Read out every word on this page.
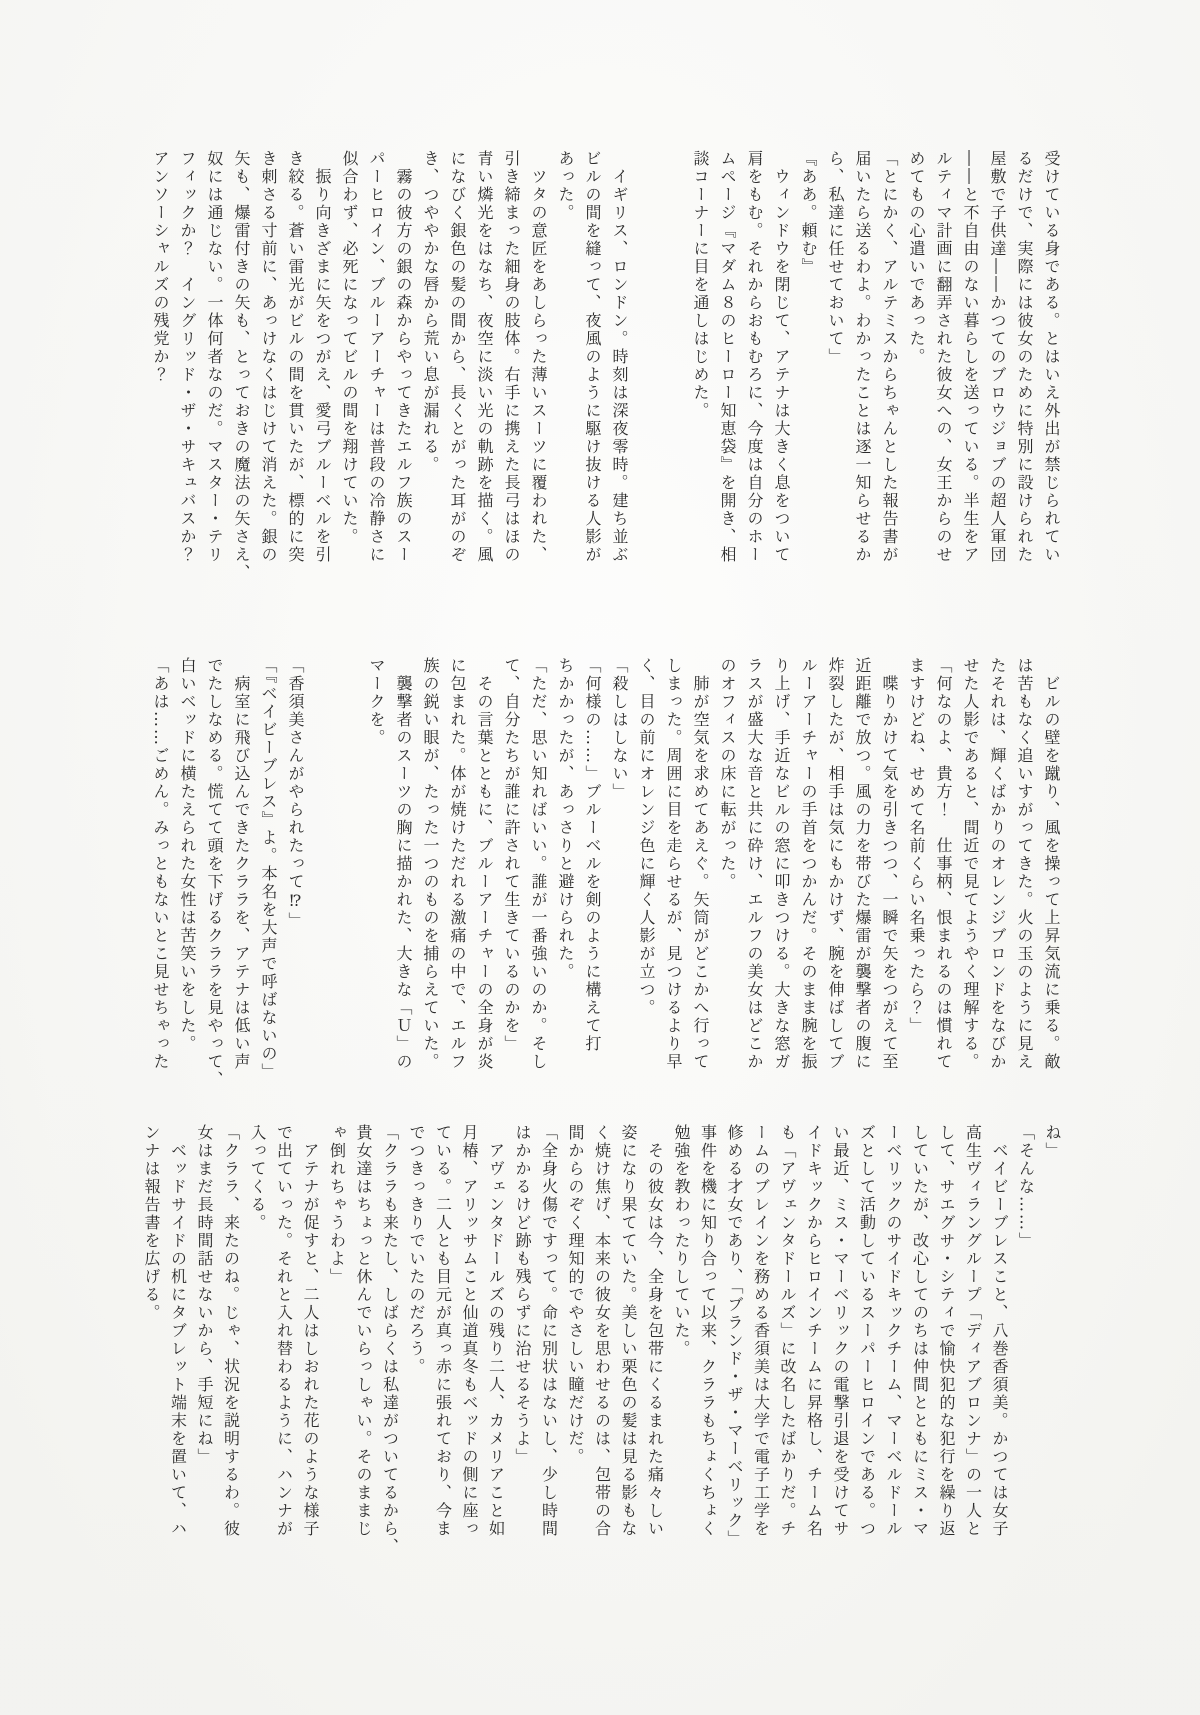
受けている身である。とはいえ外出が禁じられてい
るだけで、実際には彼女のために特別に設けられた
屋敷で子供達――かつてのブロウジョブの超人軍団
――と不自由のない暮らしを送っている。半生をア
ルティマ計画に翻弄された彼女への、女王からのせ
めてもの心遣いであった。
「とにかく、アルテミスからちゃんとした報告書が
届いたら送るわよ。わかったことは逐一知らせるか
ら、私達に任せておいて」
『ああ。頼む』
　ウィンドウを閉じて、アテナは大きく息をついて
肩をもむ。それからおもむろに、今度は自分のホー
ムページ『マダム８のヒーロー知恵袋』を開き、相
談コーナーに目を通しはじめた。

　イギリス、ロンドン。時刻は深夜零時。建ち並ぶ
ビルの間を縫って、夜風のように駆け抜ける人影が
あった。
　ツタの意匠をあしらった薄いスーツに覆われた、
引き締まった細身の肢体。右手に携えた長弓はほの
青い燐光をはなち、夜空に淡い光の軌跡を描く。風
になびく銀色の髪の間から、長くとがった耳がのぞ
き、つややかな唇から荒い息が漏れる。
　霧の彼方の銀の森からやってきたエルフ族のスー
パーヒロイン、ブルーアーチャーは普段の冷静さに
似合わず、必死になってビルの間を翔けていた。
　振り向きざまに矢をつがえ、愛弓ブルーベルを引
き絞る。蒼い雷光がビルの間を貫いたが、標的に突
き刺さる寸前に、あっけなくはじけて消えた。銀の
矢も、爆雷付きの矢も、とっておきの魔法の矢さえ、
奴には通じない。一体何者なのだ。マスター・テリ
フィックか？　イングリッド・ザ・サキュバスか？
アンソーシャルズの残党か？
　ビルの壁を蹴り、風を操って上昇気流に乗る。敵
は苦もなく追いすがってきた。火の玉のように見え
たそれは、輝くばかりのオレンジブロンドをなびか
せた人影であると、間近で見てようやく理解する。
「何なのよ、貴方！　仕事柄、恨まれるのは慣れて
ますけどね、せめて名前くらい名乗ったら？」
　喋りかけて気を引きつつ、一瞬で矢をつがえて至
近距離で放つ。風の力を帯びた爆雷が襲撃者の腹に
炸裂したが、相手は気にもかけず、腕を伸ばしてブ
ルーアーチャーの手首をつかんだ。そのまま腕を振
り上げ、手近なビルの窓に叩きつける。大きな窓ガ
ラスが盛大な音と共に砕け、エルフの美女はどこか
のオフィスの床に転がった。
　肺が空気を求めてあえぐ。矢筒がどこかへ行って
しまった。周囲に目を走らせるが、見つけるより早
く、目の前にオレンジ色に輝く人影が立つ。
「殺しはしない」
「何様の……」ブルーベルを剣のように構えて打
ちかかったが、あっさりと避けられた。
「ただ、思い知ればいい。誰が一番強いのか。そし
て、自分たちが誰に許されて生きているのかを」
　その言葉とともに、ブルーアーチャーの全身が炎
に包まれた。体が焼けただれる激痛の中で、エルフ
族の鋭い眼が、たった一つのものを捕らえていた。
　襲撃者のスーツの胸に描かれた、大きな「Ｕ」の
マークを。

「香須美さんがやられたって⁉」
「『ベイビーブレス』よ。本名を大声で呼ばないの」
　病室に飛び込んできたクララを、アテナは低い声
でたしなめる。慌てて頭を下げるクララを見やって、
白いベッドに横たえられた女性は苦笑いをした。
「あは……ごめん。みっともないとこ見せちゃった
ね」
「そんな……」
　ベイビーブレスこと、八巻香須美。かつては女子
高生ヴィラングループ「ディアブロンナ」の一人と
して、サエグサ・シティで愉快犯的な犯行を繰り返
していたが、改心してのちは仲間とともにミス・マ
ーベリックのサイドキックチーム、マーベルドール
ズとして活動しているスーパーヒロインである。つ
い最近、ミス・マーベリックの電撃引退を受けてサ
イドキックからヒロインチームに昇格し、チーム名
も「アヴェンタドールズ」に改名したばかりだ。チ
ームのブレインを務める香須美は大学で電子工学を
修める才女であり、「ブランド・ザ・マーベリック」
事件を機に知り合って以来、クララもちょくちょく
勉強を教わったりしていた。
　その彼女は今、全身を包帯にくるまれた痛々しい
姿になり果てていた。美しい栗色の髪は見る影もな
く焼け焦げ、本来の彼女を思わせるのは、包帯の合
間からのぞく理知的でやさしい瞳だけだ。
「全身火傷ですって。命に別状はないし、少し時間
はかかるけど跡も残らずに治せるそうよ」
　アヴェンタドールズの残り二人、カメリアこと如
月椿、アリッサムこと仙道真冬もベッドの側に座っ
ている。二人とも目元が真っ赤に張れており、今ま
でつきっきりでいたのだろう。
「クララも来たし、しばらくは私達がついてるから、
貴女達はちょっと休んでいらっしゃい。そのままじ
ゃ倒れちゃうわよ」
　アテナが促すと、二人はしおれた花のような様子
で出ていった。それと入れ替わるように、ハンナが
入ってくる。
「クララ、来たのね。じゃ、状況を説明するわ。彼
女はまだ長時間話せないから、手短にね」
　ベッドサイドの机にタブレット端末を置いて、ハ
ンナは報告書を広げる。
